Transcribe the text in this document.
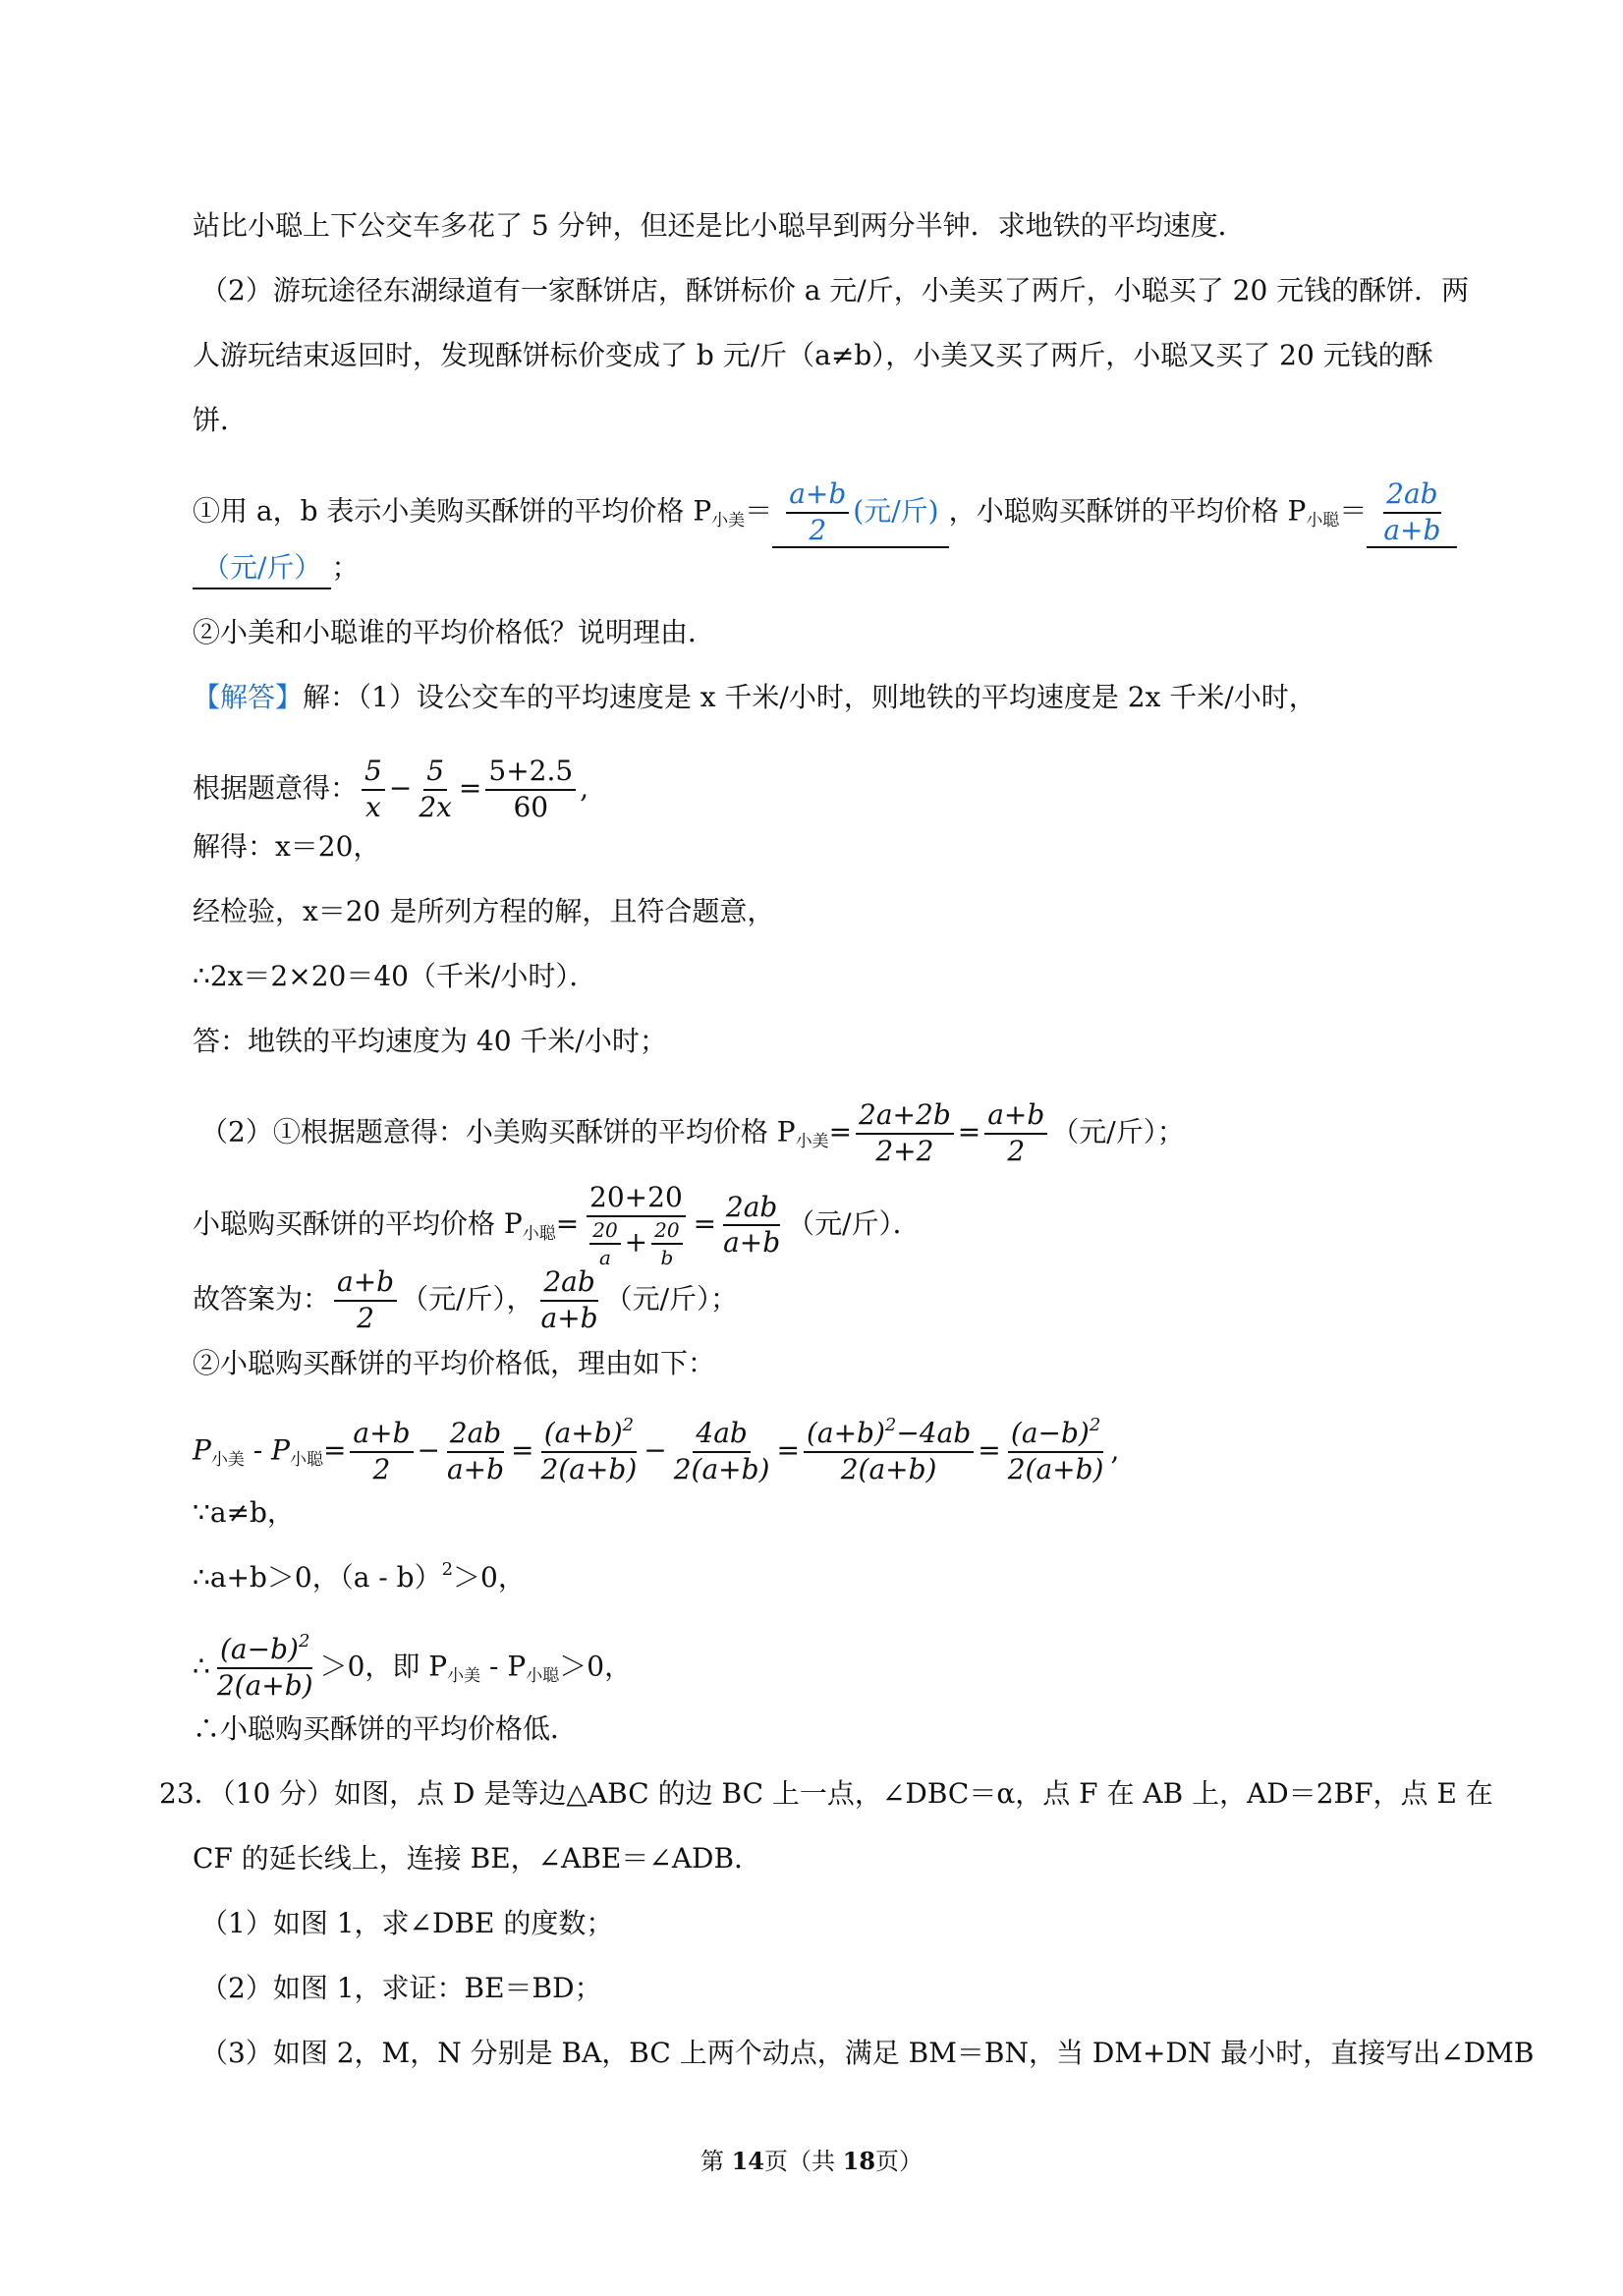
站比小聪上下公交车多花了 5 分钟，但还是比小聪早到两分半钟．求地铁的平均速度．
（2）游玩途径东湖绿道有一家酥饼店，酥饼标价 a 元/斤，小美买了两斤，小聪买了 20 元钱的酥饼．两
人游玩结束返回时，发现酥饼标价变成了 b 元/斤（a≠b），小美又买了两斤，小聪又买了 20 元钱的酥
饼．
①用 a，b 表示小美购买酥饼的平均价格 $P_{小美}= \frac{a+b}{2}$ (元/斤) ，小聪购买酥饼的平均价格 $P_{小聪}= \frac{2ab}{a+b}$
（元/斤） ；
②小美和小聪谁的平均价格低？说明理由．
【解答】解：（1）设公交车的平均速度是 x 千米/小时，则地铁的平均速度是 2x 千米/小时，
根据题意得： $\frac{5}{x} - \frac{5}{2x} = \frac{5+2.5}{60}$ ,
解得：x＝20，
经检验，x＝20 是所列方程的解，且符合题意，
∴2x＝2×20＝40（千米/小时）．
答：地铁的平均速度为 40 千米/小时；
（2）①根据题意得：小美购买酥饼的平均价格 $P_{小美}= \frac{2a+2b}{2+2} = \frac{a+b}{2}$ （元/斤）；
小聪购买酥饼的平均价格 $P_{小聪}= \frac{20+20}{\frac{20}{a} + \frac{20}{b}} = \frac{2ab}{a+b}$ （元/斤）．
故答案为： $\frac{a+b}{2}$ （元/斤）， $\frac{2ab}{a+b}$ （元/斤）；
②小聪购买酥饼的平均价格低，理由如下：
$P_{小美} - P_{小聪}= \frac{a+b}{2} - \frac{2ab}{a+b} = \frac{(a+b)^2}{2(a+b)} - \frac{4ab}{2(a+b)} = \frac{(a+b)^2-4ab}{2(a+b)} = \frac{(a-b)^2}{2(a+b)}$ ,
∵a≠b，
∴a+b＞0，（a - b）$^2$＞0，
∴ $\frac{(a-b)^2}{2(a+b)} >0$，即 $P_{小美} - P_{小聪}>0$，
∴小聪购买酥饼的平均价格低．
23．（10 分）如图，点 D 是等边△ABC 的边 BC 上一点，∠DBC＝α，点 F 在 AB 上，AD＝2BF，点 E 在
CF 的延长线上，连接 BE，∠ABE＝∠ADB．
（1）如图 1，求∠DBE 的度数；
（2）如图 1，求证：BE＝BD；
（3）如图 2，M，N 分别是 BA，BC 上两个动点，满足 BM＝BN，当 DM+DN 最小时，直接写出∠DMB
第 14页（共 18页）
